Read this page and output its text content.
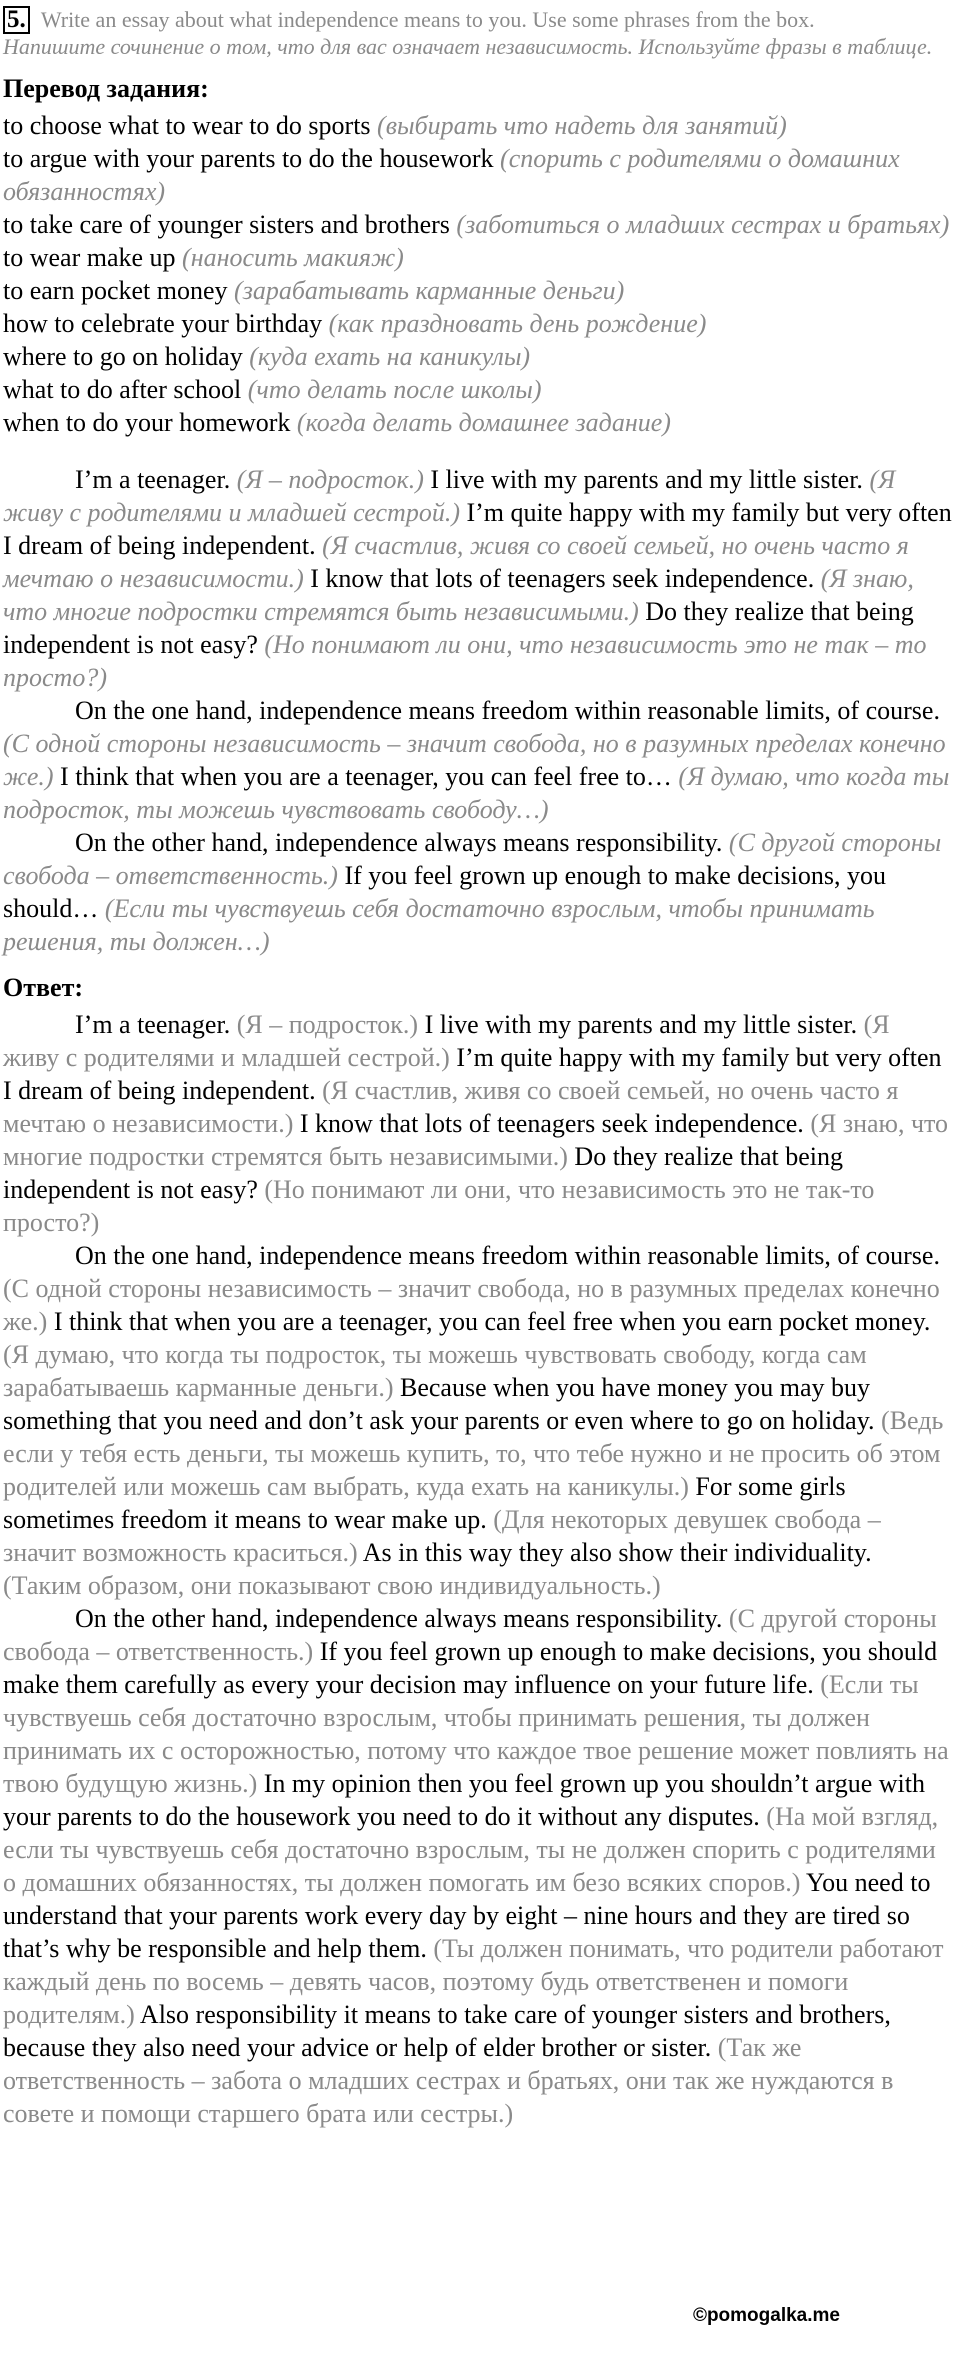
5. Write an essay about what independence means to you. Use some phrases from the box.
Напишите сочинение о том, что для вас означает независимость. Используйте фразы в таблице.
Перевод задания:
to choose what to wear to do sports (выбирать что надеть для занятий)
to argue with your parents to do the housework (спорить с родителями о домашних обязанностях)
to take care of younger sisters and brothers (заботиться о младших сестрах и братьях)
to wear make up (наносить макияж)
to earn pocket money (зарабатывать карманные деньги)
how to celebrate your birthday (как праздновать день рождение)
where to go on holiday (куда ехать на каникулы)
what to do after school (что делать после школы)
when to do your homework (когда делать домашнее задание)

I’m a teenager. (Я – подросток.) I live with my parents and my little sister. (Я живу с родителями и младшей сестрой.) I’m quite happy with my family but very often I dream of being independent. (Я счастлив, живя со своей семьей, но очень часто я мечтаю о независимости.) I know that lots of teenagers seek independence. (Я знаю, что многие подростки стремятся быть независимыми.) Do they realize that being independent is not easy? (Но понимают ли они, что независимость это не так – то просто?)

On the one hand, independence means freedom within reasonable limits, of course. (С одной стороны независимость – значит свобода, но в разумных пределах конечно же.) I think that when you are a teenager, you can feel free to… (Я думаю, что когда ты подросток, ты можешь чувствовать свободу…)

On the other hand, independence always means responsibility. (С другой стороны свобода – ответственность.) If you feel grown up enough to make decisions, you should… (Если ты чувствуешь себя достаточно взрослым, чтобы принимать решения, ты должен…)

Ответ:

I’m a teenager. (Я – подросток.) I live with my parents and my little sister. (Я живу с родителями и младшей сестрой.) I’m quite happy with my family but very often I dream of being independent. (Я счастлив, живя со своей семьей, но очень часто я мечтаю о независимости.) I know that lots of teenagers seek independence. (Я знаю, что многие подростки стремятся быть независимыми.) Do they realize that being independent is not easy? (Но понимают ли они, что независимость это не так-то просто?)

On the one hand, independence means freedom within reasonable limits, of course. (С одной стороны независимость – значит свобода, но в разумных пределах конечно же.) I think that when you are a teenager, you can feel free when you earn pocket money. (Я думаю, что когда ты подросток, ты можешь чувствовать свободу, когда сам зарабатываешь карманные деньги.) Because when you have money you may buy something that you need and don’t ask your parents or even where to go on holiday. (Ведь если у тебя есть деньги, ты можешь купить, то, что тебе нужно и не просить об этом родителей или можешь сам выбрать, куда ехать на каникулы.) For some girls sometimes freedom it means to wear make up. (Для некоторых девушек свобода – значит возможность краситься.) As in this way they also show their individuality. (Таким образом, они показывают свою индивидуальность.)

On the other hand, independence always means responsibility. (С другой стороны свобода – ответственность.) If you feel grown up enough to make decisions, you should make them carefully as every your decision may influence on your future life. (Если ты чувствуешь себя достаточно взрослым, чтобы принимать решения, ты должен принимать их с осторожностью, потому что каждое твое решение может повлиять на твою будущую жизнь.) In my opinion then you feel grown up you shouldn’t argue with your parents to do the housework you need to do it without any disputes. (На мой взгляд, если ты чувствуешь себя достаточно взрослым, ты не должен спорить с родителями о домашних обязанностях, ты должен помогать им безо всяких споров.) You need to understand that your parents work every day by eight – nine hours and they are tired so that’s why be responsible and help them. (Ты должен понимать, что родители работают каждый день по восемь – девять часов, поэтому будь ответственен и помоги родителям.) Also responsibility it means to take care of younger sisters and brothers, because they also need your advice or help of elder brother or sister. (Так же ответственность – забота о младших сестрах и братьях, они так же нуждаются в совете и помощи старшего брата или сестры.)

©pomogalka.me
